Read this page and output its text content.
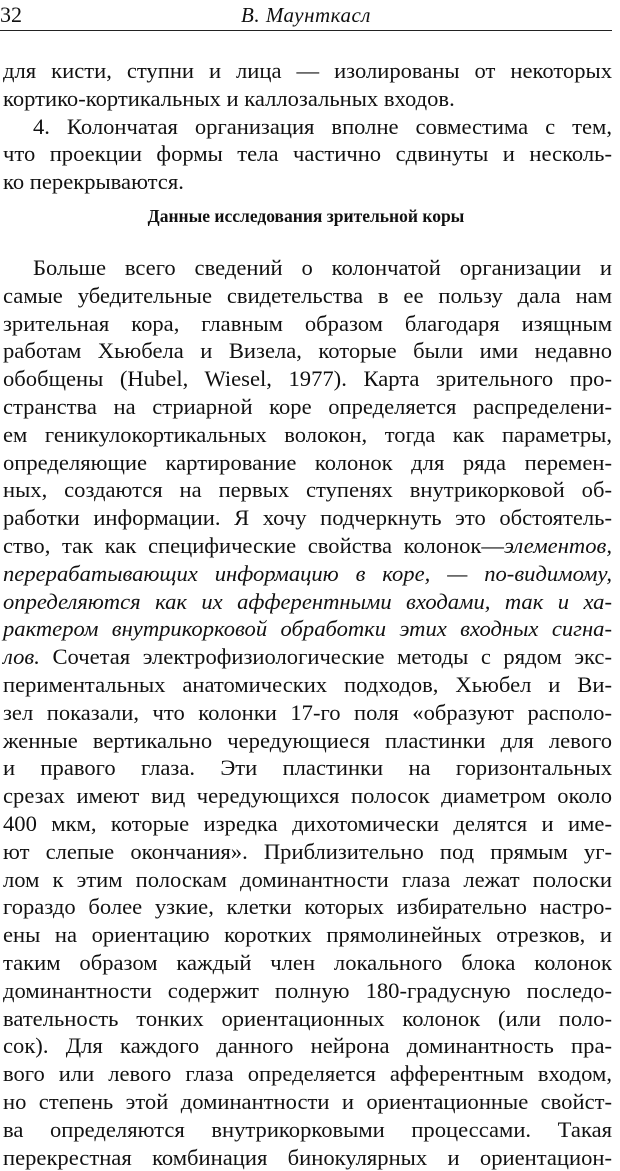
32	В. Маунткасл
для кисти, ступни и лица — изолированы от некоторых
кортико-кортикальных и каллозальных входов.
4. Колончатая организация вполне совместима с тем,
что проекции формы тела частично сдвинуты и несколь-
ко перекрываются.
Данные исследования зрительной коры
Больше всего сведений о колончатой организации и
самые убедительные свидетельства в ее пользу дала нам
зрительная кора, главным образом благодаря изящным
работам Хьюбела и Визела, которые были ими недавно
обобщены (Hubel, Wiesel, 1977). Карта зрительного про-
странства на стриарной коре определяется распределени-
ем геникулокортикальных волокон, тогда как параметры,
определяющие картирование колонок для ряда перемен-
ных, создаются на первых ступенях внутрикорковой об-
работки информации. Я хочу подчеркнуть это обстоятель-
ство, так как специфические свойства колонок—элементов,
перерабатывающих информацию в коре, — по-видимому,
определяются как их афферентными входами, так и ха-
рактером внутрикорковой обработки этих входных сигна-
лов. Сочетая электрофизиологические методы с рядом экс-
периментальных анатомических подходов, Хьюбел и Ви-
зел показали, что колонки 17-го поля «образуют располо-
женные вертикально чередующиеся пластинки для левого
и правого глаза. Эти пластинки на горизонтальных
срезах имеют вид чередующихся полосок диаметром около
400 мкм, которые изредка дихотомически делятся и име-
ют слепые окончания». Приблизительно под прямым уг-
лом к этим полоскам доминантности глаза лежат полоски
гораздо более узкие, клетки которых избирательно настро-
ены на ориентацию коротких прямолинейных отрезков, и
таким образом каждый член локального блока колонок
доминантности содержит полную 180-градусную последо-
вательность тонких ориентационных колонок (или поло-
сок). Для каждого данного нейрона доминантность пра-
вого или левого глаза определяется афферентным входом,
но степень этой доминантности и ориентационные свойст-
ва определяются внутрикорковыми процессами. Такая
перекрестная комбинация бинокулярных и ориентацион-
